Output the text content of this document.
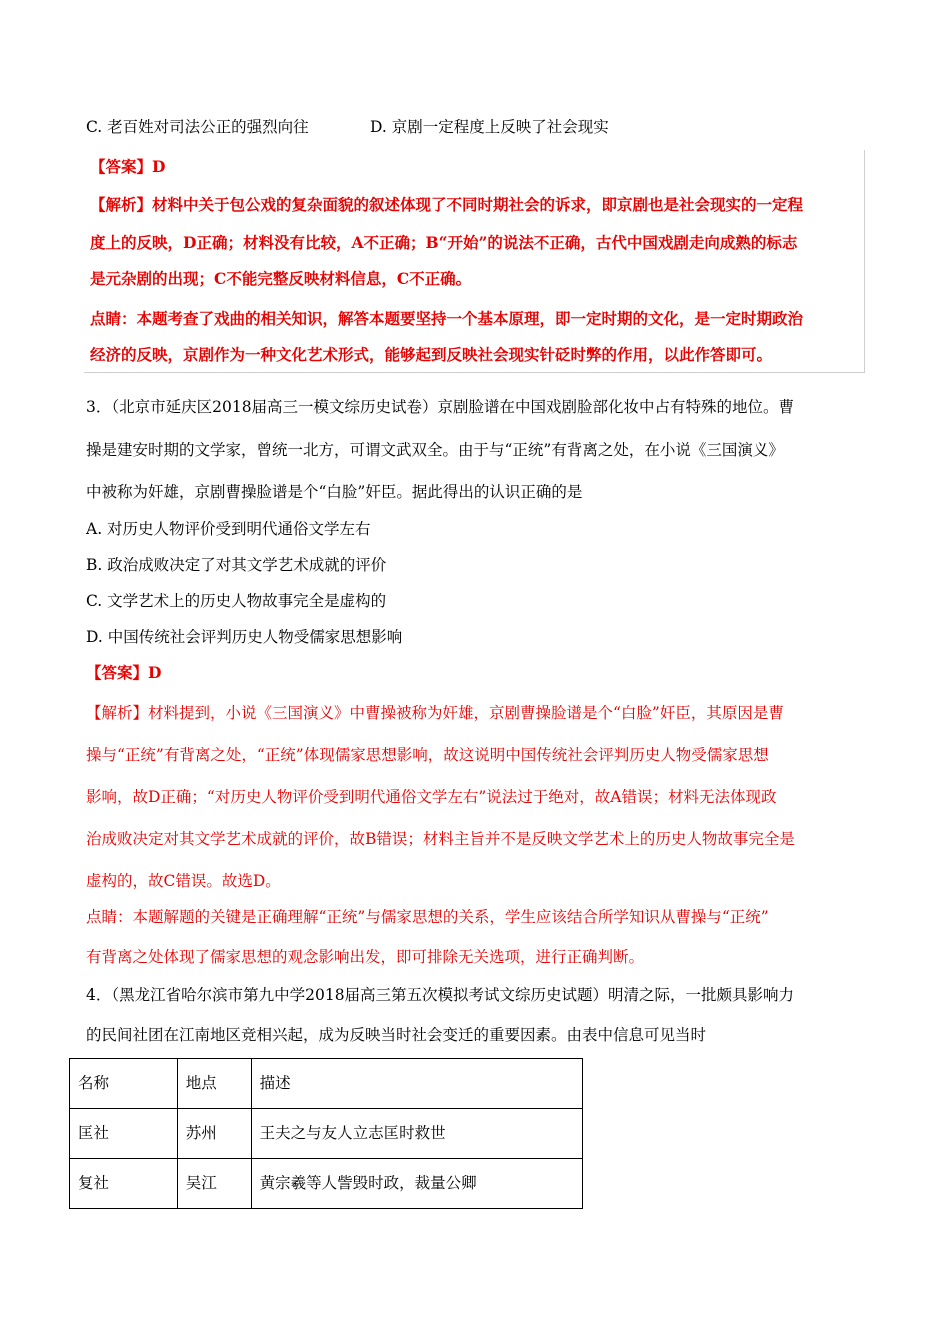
C. 老百姓对司法公正的强烈向往	D. 京剧一定程度上反映了社会现实
【答案】D
【解析】材料中关于包公戏的复杂面貌的叙述体现了不同时期社会的诉求，即京剧也是社会现实的一定程
度上的反映，D正确；材料没有比较，A不正确；B“开始”的说法不正确，古代中国戏剧走向成熟的标志
是元杂剧的出现；C不能完整反映材料信息，C不正确。
点睛：本题考查了戏曲的相关知识，解答本题要坚持一个基本原理，即一定时期的文化，是一定时期政治
经济的反映，京剧作为一种文化艺术形式，能够起到反映社会现实针砭时弊的作用，以此作答即可。
3．（北京市延庆区2018届高三一模文综历史试卷）京剧脸谱在中国戏剧脸部化妆中占有特殊的地位。曹
操是建安时期的文学家，曾统一北方，可谓文武双全。由于与“正统”有背离之处，在小说《三国演义》
中被称为奸雄，京剧曹操脸谱是个“白脸”奸臣。据此得出的认识正确的是
A. 对历史人物评价受到明代通俗文学左右
B. 政治成败决定了对其文学艺术成就的评价
C. 文学艺术上的历史人物故事完全是虚构的
D. 中国传统社会评判历史人物受儒家思想影响
【答案】D
【解析】材料提到，小说《三国演义》中曹操被称为奸雄，京剧曹操脸谱是个“白脸”奸臣，其原因是曹
操与“正统”有背离之处，“正统”体现儒家思想影响，故这说明中国传统社会评判历史人物受儒家思想
影响，故D正确；“对历史人物评价受到明代通俗文学左右”说法过于绝对，故A错误；材料无法体现政
治成败决定对其文学艺术成就的评价，故B错误；材料主旨并不是反映文学艺术上的历史人物故事完全是
虚构的，故C错误。故选D。
点睛：本题解题的关键是正确理解“正统”与儒家思想的关系，学生应该结合所学知识从曹操与“正统”
有背离之处体现了儒家思想的观念影响出发，即可排除无关选项，进行正确判断。
4．（黑龙江省哈尔滨市第九中学2018届高三第五次模拟考试文综历史试题）明清之际，一批颇具影响力
的民间社团在江南地区竞相兴起，成为反映当时社会变迁的重要因素。由表中信息可见当时
名称	地点	描述
匡社	苏州	王夫之与友人立志匡时救世
复社	吴江	黄宗羲等人訾毁时政，裁量公卿
